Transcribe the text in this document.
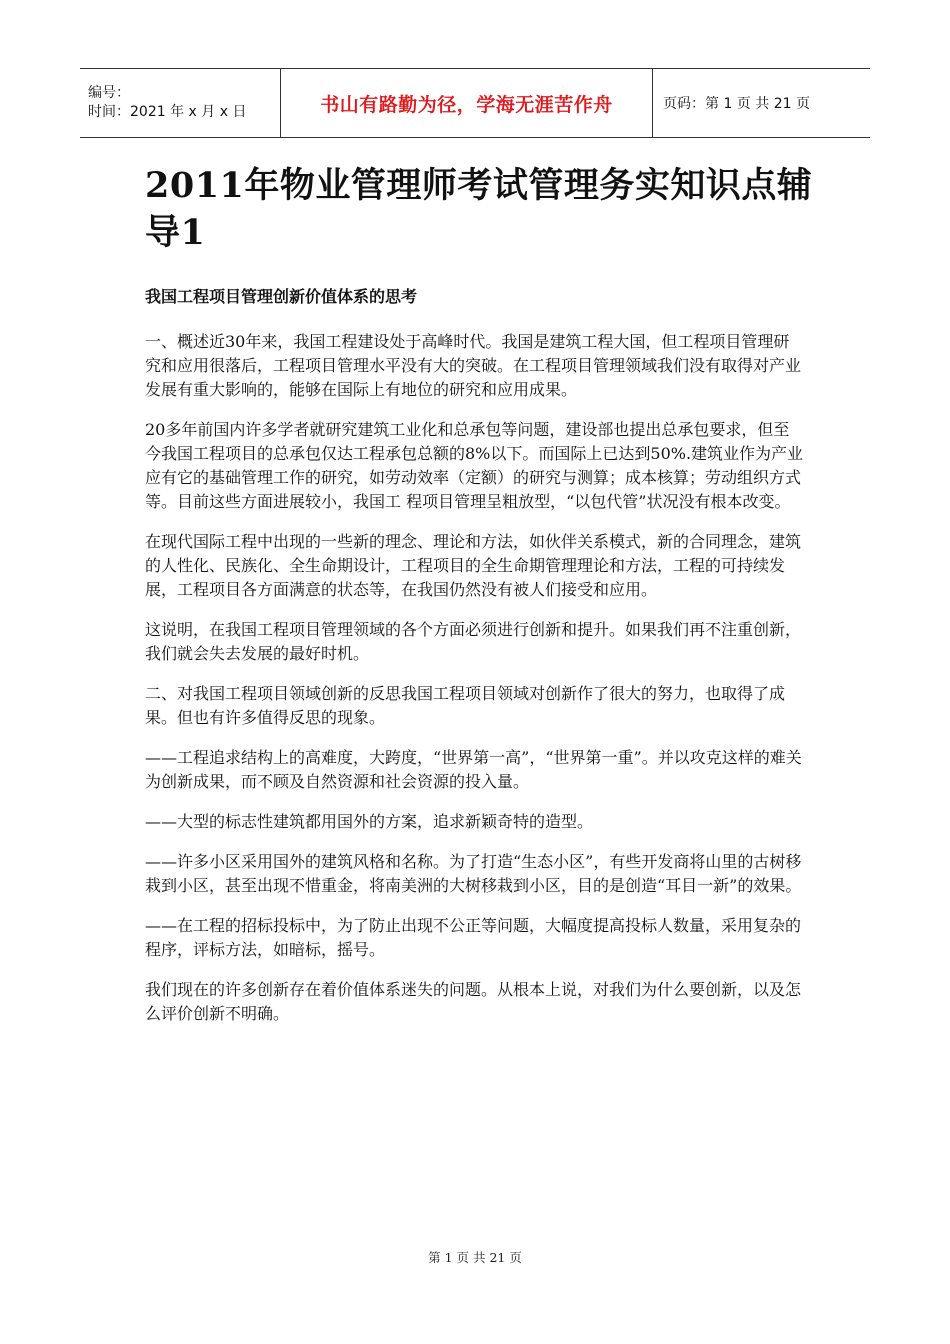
编号：
时间：2021 年 x 月 x 日	书山有路勤为径，学海无涯苦作舟	页码：第 1 页 共 21 页
2011年物业管理师考试管理务实知识点辅导1
我国工程项目管理创新价值体系的思考

一、概述近30年来，我国工程建设处于高峰时代。我国是建筑工程大国，但工程项目管理研究和应用很落后，工程项目管理水平没有大的突破。在工程项目管理领域我们没有取得对产业发展有重大影响的，能够在国际上有地位的研究和应用成果。

20多年前国内许多学者就研究建筑工业化和总承包等问题，建设部也提出总承包要求，但至今我国工程项目的总承包仅达工程承包总额的8%以下。而国际上已达到50%.建筑业作为产业应有它的基础管理工作的研究，如劳动效率（定额）的研究与测算；成本核算；劳动组织方式等。目前这些方面进展较小，我国工 程项目管理呈粗放型，“以包代管”状况没有根本改变。

在现代国际工程中出现的一些新的理念、理论和方法，如伙伴关系模式，新的合同理念，建筑的人性化、民族化、全生命期设计，工程项目的全生命期管理理论和方法，工程的可持续发展，工程项目各方面满意的状态等，在我国仍然没有被人们接受和应用。

这说明，在我国工程项目管理领域的各个方面必须进行创新和提升。如果我们再不注重创新，我们就会失去发展的最好时机。

二、对我国工程项目领域创新的反思我国工程项目领域对创新作了很大的努力，也取得了成果。但也有许多值得反思的现象。

——工程追求结构上的高难度，大跨度，“世界第一高”，“世界第一重”。并以攻克这样的难关为创新成果，而不顾及自然资源和社会资源的投入量。

——大型的标志性建筑都用国外的方案，追求新颖奇特的造型。

——许多小区采用国外的建筑风格和名称。为了打造“生态小区”，有些开发商将山里的古树移栽到小区，甚至出现不惜重金，将南美洲的大树移栽到小区，目的是创造“耳目一新”的效果。

——在工程的招标投标中，为了防止出现不公正等问题，大幅度提高投标人数量，采用复杂的程序，评标方法，如暗标，摇号。

我们现在的许多创新存在着价值体系迷失的问题。从根本上说，对我们为什么要创新，以及怎么评价创新不明确。

第 1 页 共 21 页
